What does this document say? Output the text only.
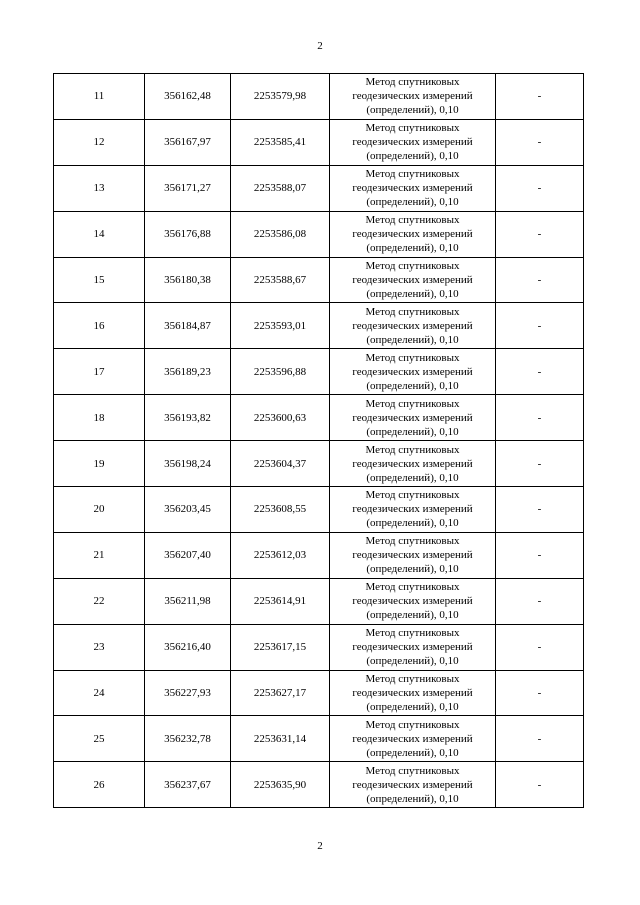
2
11	356162,48	2253579,98	Метод спутниковых геодезических измерений (определений), 0,10	-
12	356167,97	2253585,41	Метод спутниковых геодезических измерений (определений), 0,10	-
13	356171,27	2253588,07	Метод спутниковых геодезических измерений (определений), 0,10	-
14	356176,88	2253586,08	Метод спутниковых геодезических измерений (определений), 0,10	-
15	356180,38	2253588,67	Метод спутниковых геодезических измерений (определений), 0,10	-
16	356184,87	2253593,01	Метод спутниковых геодезических измерений (определений), 0,10	-
17	356189,23	2253596,88	Метод спутниковых геодезических измерений (определений), 0,10	-
18	356193,82	2253600,63	Метод спутниковых геодезических измерений (определений), 0,10	-
19	356198,24	2253604,37	Метод спутниковых геодезических измерений (определений), 0,10	-
20	356203,45	2253608,55	Метод спутниковых геодезических измерений (определений), 0,10	-
21	356207,40	2253612,03	Метод спутниковых геодезических измерений (определений), 0,10	-
22	356211,98	2253614,91	Метод спутниковых геодезических измерений (определений), 0,10	-
23	356216,40	2253617,15	Метод спутниковых геодезических измерений (определений), 0,10	-
24	356227,93	2253627,17	Метод спутниковых геодезических измерений (определений), 0,10	-
25	356232,78	2253631,14	Метод спутниковых геодезических измерений (определений), 0,10	-
26	356237,67	2253635,90	Метод спутниковых геодезических измерений (определений), 0,10	-
2
